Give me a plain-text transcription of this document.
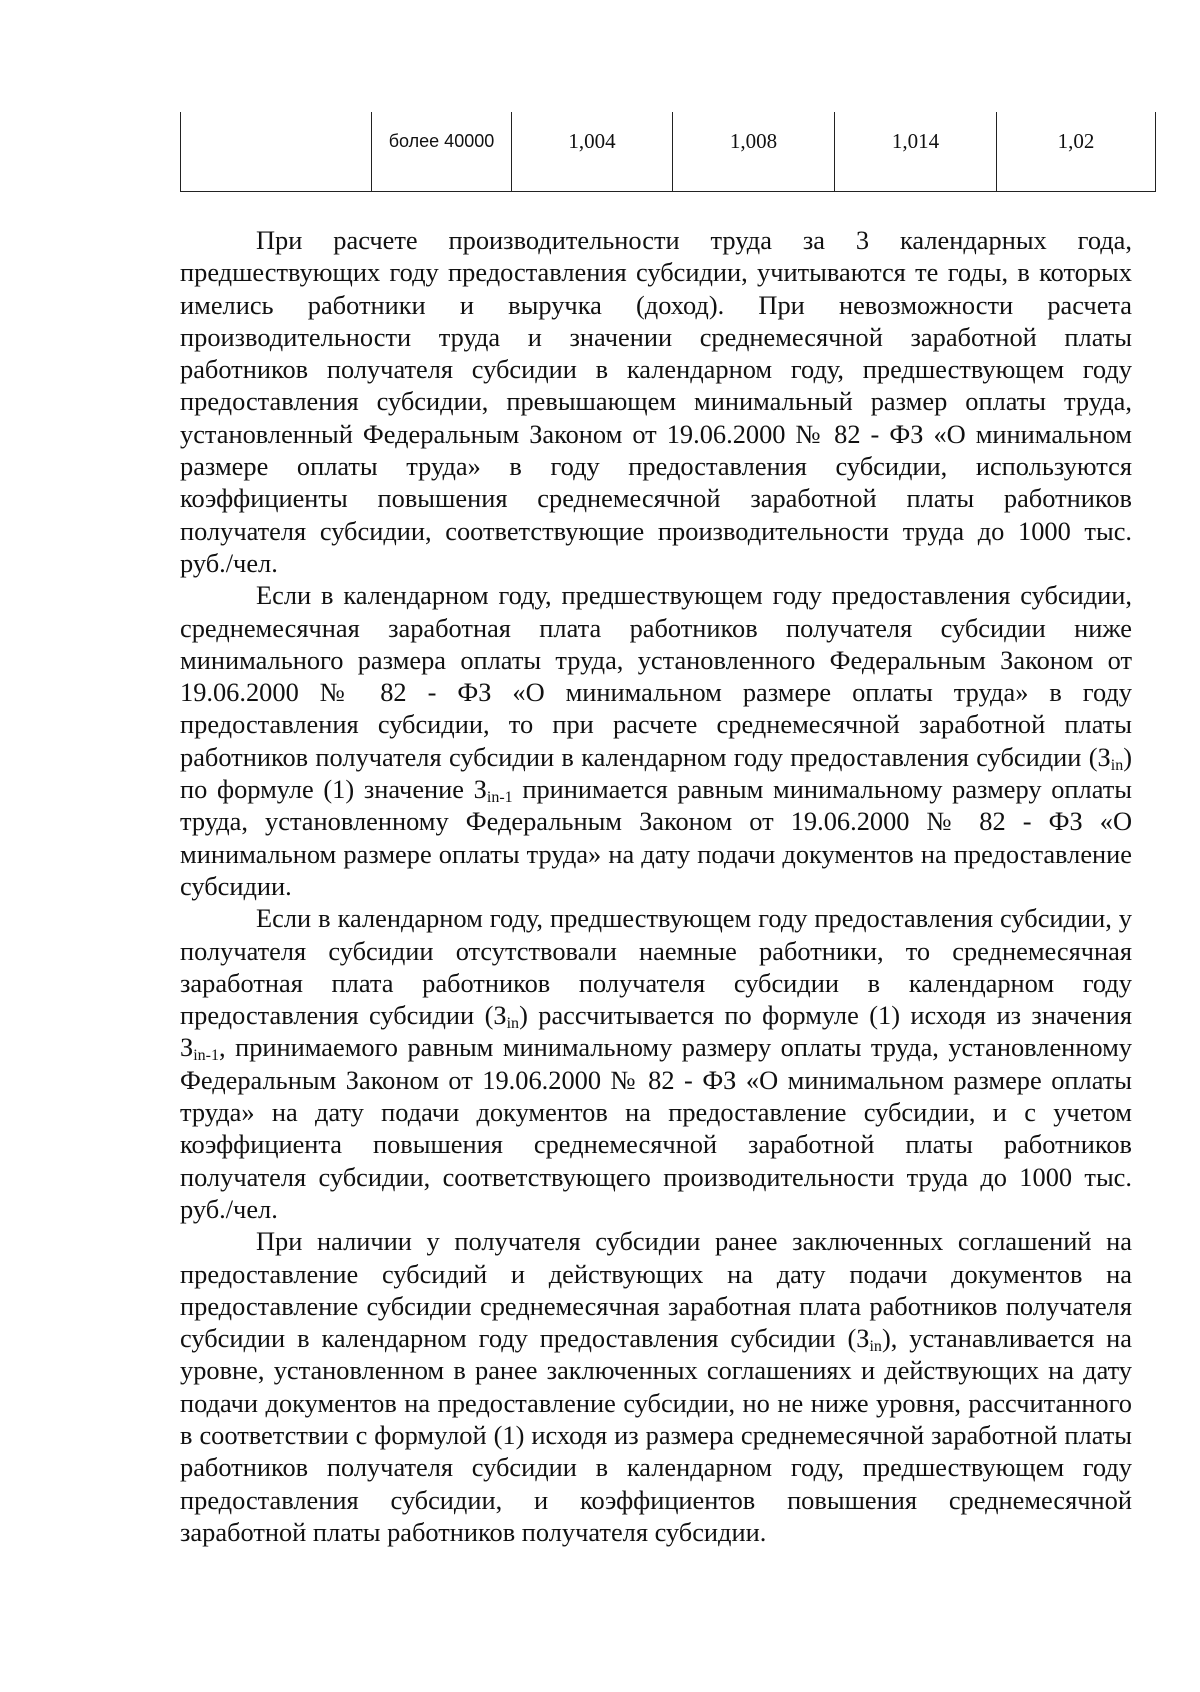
	более 40000	1,004	1,008	1,014	1,02

При расчете производительности труда за 3 календарных года, предшествующих году предоставления субсидии, учитываются те годы, в которых имелись работники и выручка (доход). При невозможности расчета производительности труда и значении среднемесячной заработной платы работников получателя субсидии в календарном году, предшествующем году предоставления субсидии, превышающем минимальный размер оплаты труда, установленный Федеральным Законом от 19.06.2000 № 82 - ФЗ «О минимальном размере оплаты труда» в году предоставления субсидии, используются коэффициенты повышения среднемесячной заработной платы работников получателя субсидии, соответствующие производительности труда до 1000 тыс. руб./чел.

Если в календарном году, предшествующем году предоставления субсидии, среднемесячная заработная плата работников получателя субсидии ниже минимального размера оплаты труда, установленного Федеральным Законом от 19.06.2000 № 82 - ФЗ «О минимальном размере оплаты труда» в году предоставления субсидии, то при расчете среднемесячной заработной платы работников получателя субсидии в календарном году предоставления субсидии $(З_{in})$ по формуле (1) значение $З_{in-1}$ принимается равным минимальному размеру оплаты труда, установленному Федеральным Законом от 19.06.2000 № 82 - ФЗ «О минимальном размере оплаты труда» на дату подачи документов на предоставление субсидии.

Если в календарном году, предшествующем году предоставления субсидии, у получателя субсидии отсутствовали наемные работники, то среднемесячная заработная плата работников получателя субсидии в календарном году предоставления субсидии $(З_{in})$ рассчитывается по формуле (1) исходя из значения $З_{in-1}$, принимаемого равным минимальному размеру оплаты труда, установленному Федеральным Законом от 19.06.2000 № 82 - ФЗ «О минимальном размере оплаты труда» на дату подачи документов на предоставление субсидии, и с учетом коэффициента повышения среднемесячной заработной платы работников получателя субсидии, соответствующего производительности труда до 1000 тыс. руб./чел.

При наличии у получателя субсидии ранее заключенных соглашений на предоставление субсидий и действующих на дату подачи документов на предоставление субсидии среднемесячная заработная плата работников получателя субсидии в календарном году предоставления субсидии $(З_{in})$, устанавливается на уровне, установленном в ранее заключенных соглашениях и действующих на дату подачи документов на предоставление субсидии, но не ниже уровня, рассчитанного в соответствии с формулой (1) исходя из размера среднемесячной заработной платы работников получателя субсидии в календарном году, предшествующем году предоставления субсидии, и коэффициентов повышения среднемесячной заработной платы работников получателя субсидии.
